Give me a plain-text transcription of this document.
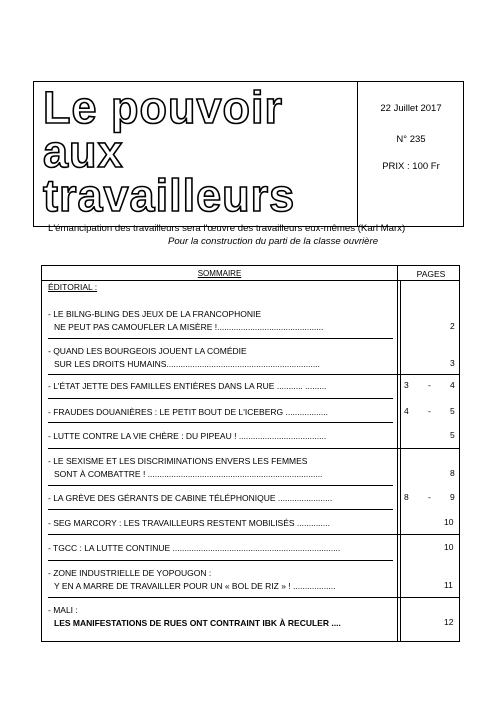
Le pouvoir
aux
travailleurs
22 Juillet 2017
N° 235
PRIX : 100 Fr
L'émancipation des travailleurs sera l'œuvre des travailleurs eux-mêmes (Karl Marx)
Pour la construction du parti de la classe ouvrière
SOMMAIRE	PAGES
ÉDITORIAL :
- LE BILNG-BLING DES JEUX DE LA FRANCOPHONIE
NE PEUT PAS CAMOUFLER LA MISÈRE !.............................................	2
- QUAND LES BOURGEOIS JOUENT LA COMÉDIE
SUR LES DROITS HUMAINS.................................................................	3
- L'ÉTAT JETTE DES FAMILLES ENTIÈRES DANS LA RUE ........... .........	3 - 4
- FRAUDES DOUANIÈRES : LE PETIT BOUT DE L'ICEBERG ..................	4 - 5
- LUTTE CONTRE LA VIE CHÈRE : DU PIPEAU ! .....................................	5
- LE SEXISME ET LES DISCRIMINATIONS ENVERS LES FEMMES
SONT À COMBATTRE ! ..........................................................................	8
- LA GRÈVE DES GÉRANTS DE CABINE TÉLÉPHONIQUE .......................	8 - 9
- SEG MARCORY : LES TRAVAILLEURS RESTENT MOBILISÉS ..............	10
- TGCC : LA LUTTE CONTINUE .......................................................................	10
- ZONE INDUSTRIELLE DE YOPOUGON :
Y EN A MARRE DE TRAVAILLER POUR UN « BOL DE RIZ » ! ..................	11
- MALI :
LES MANIFESTATIONS DE RUES ONT CONTRAINT IBK À RECULER ....	12
